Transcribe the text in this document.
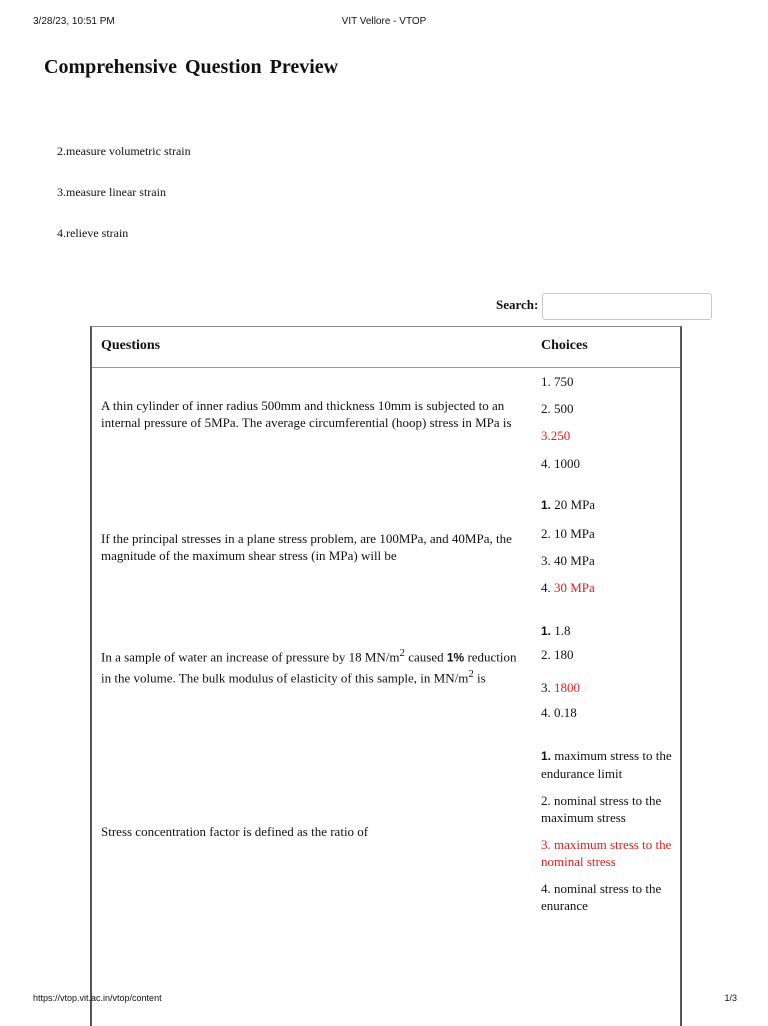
3/28/23, 10:51 PM	VIT Vellore - VTOP
Comprehensive Question Preview
2.measure volumetric strain
3.measure linear strain
4.relieve strain
Search:
Questions	Choices
A thin cylinder of inner radius 500mm and thickness 10mm is subjected to an internal pressure of 5MPa. The average circumferential (hoop) stress in MPa is
1. 750
2. 500
3.250
4. 1000
If the principal stresses in a plane stress problem, are 100MPa, and 40MPa, the magnitude of the maximum shear stress (in MPa) will be
1. 20 MPa
2. 10 MPa
3. 40 MPa
4. 30 MPa
In a sample of water an increase of pressure by 18 $MN/m^2$ caused 1% reduction in the volume. The bulk modulus of elasticity of this sample, in $MN/m^2$ is
1. 1.8
2. 180
3. 1800
4. 0.18
Stress concentration factor is defined as the ratio of
1. maximum stress to the endurance limit
2. nominal stress to the maximum stress
3. maximum stress to the nominal stress
4. nominal stress to the enurance
https://vtop.vit.ac.in/vtop/content	1/3
